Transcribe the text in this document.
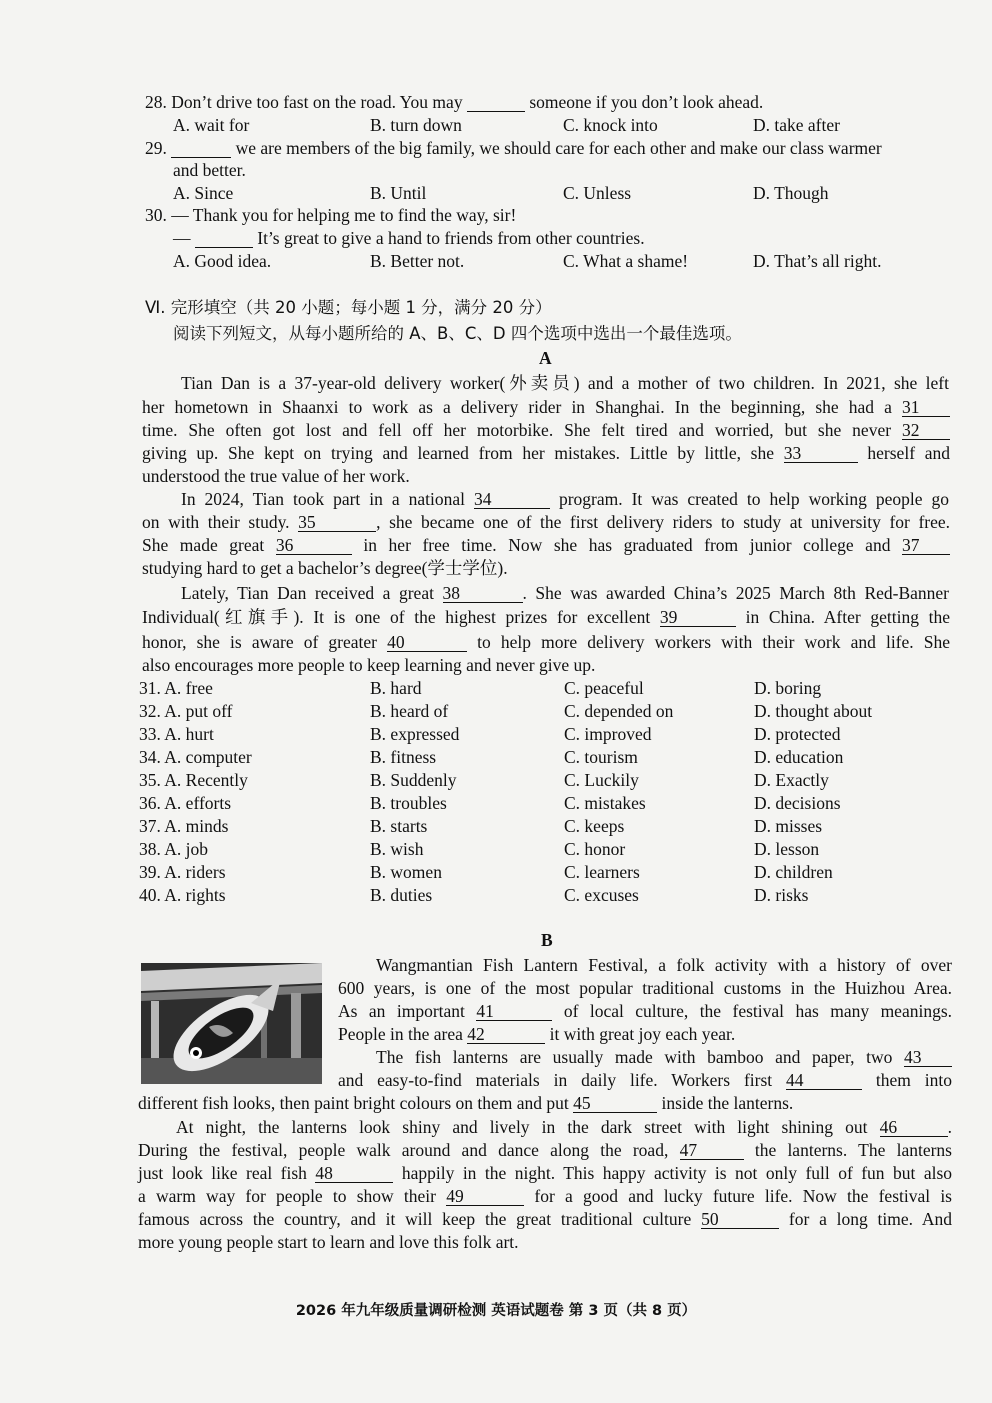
28. Don’t drive too fast on the road. You may	someone if you don’t look ahead.
A. wait for	B. turn down	C. knock into	D. take after
29.	we are members of the big family, we should care for each other and make our class warmer
and better.
A. Since	B. Until	C. Unless	D. Though
30. — Thank you for helping me to find the way, sir!
—	It’s great to give a hand to friends from other countries.
A. Good idea.	B. Better not.	C. What a shame!	D. That’s all right.
Ⅵ. 完形填空（共 20 小题；每小题 1 分，满分 20 分）
阅读下列短文，从每小题所给的 A、B、C、D 四个选项中选出一个最佳选项。
A
Tian Dan is a 37-year-old delivery worker(外卖员) and a mother of two children. In 2021, she left
her hometown in Shaanxi to work as a delivery rider in Shanghai. In the beginning, she had a 31
time. She often got lost and fell off her motorbike. She felt tired and worried, but she never 32
giving up. She kept on trying and learned from her mistakes. Little by little, she 33	herself and
understood the true value of her work.
In 2024, Tian took part in a national 34	program. It was created to help working people go
on with their study. 35	, she became one of the first delivery riders to study at university for free.
She made great 36	in her free time. Now she has graduated from junior college and 37
studying hard to get a bachelor’s degree(学士学位).
Lately, Tian Dan received a great 38	. She was awarded China’s 2025 March 8th Red-Banner
Individual(红旗手). It is one of the highest prizes for excellent 39	in China. After getting the
honor, she is aware of greater 40	to help more delivery workers with their work and life. She
also encourages more people to keep learning and never give up.
31. A. free	B. hard	C. peaceful	D. boring
32. A. put off	B. heard of	C. depended on	D. thought about
33. A. hurt	B. expressed	C. improved	D. protected
34. A. computer	B. fitness	C. tourism	D. education
35. A. Recently	B. Suddenly	C. Luckily	D. Exactly
36. A. efforts	B. troubles	C. mistakes	D. decisions
37. A. minds	B. starts	C. keeps	D. misses
38. A. job	B. wish	C. honor	D. lesson
39. A. riders	B. women	C. learners	D. children
40. A. rights	B. duties	C. excuses	D. risks
B
Wangmantian Fish Lantern Festival, a folk activity with a history of over
600 years, is one of the most popular traditional customs in the Huizhou Area.
As an important 41	of local culture, the festival has many meanings.
People in the area 42	it with great joy each year.
The fish lanterns are usually made with bamboo and paper, two 43
and easy-to-find materials in daily life. Workers first 44	them into
different fish looks, then paint bright colours on them and put 45	inside the lanterns.
At night, the lanterns look shiny and lively in the dark street with light shining out 46	.
During the festival, people walk around and dance along the road, 47	the lanterns. The lanterns
just look like real fish 48	happily in the night. This happy activity is not only full of fun but also
a warm way for people to show their 49	for a good and lucky future life. Now the festival is
famous across the country, and it will keep the great traditional culture 50	for a long time. And
more young people start to learn and love this folk art.
2026 年九年级质量调研检测 英语试题卷 第 3 页（共 8 页）
